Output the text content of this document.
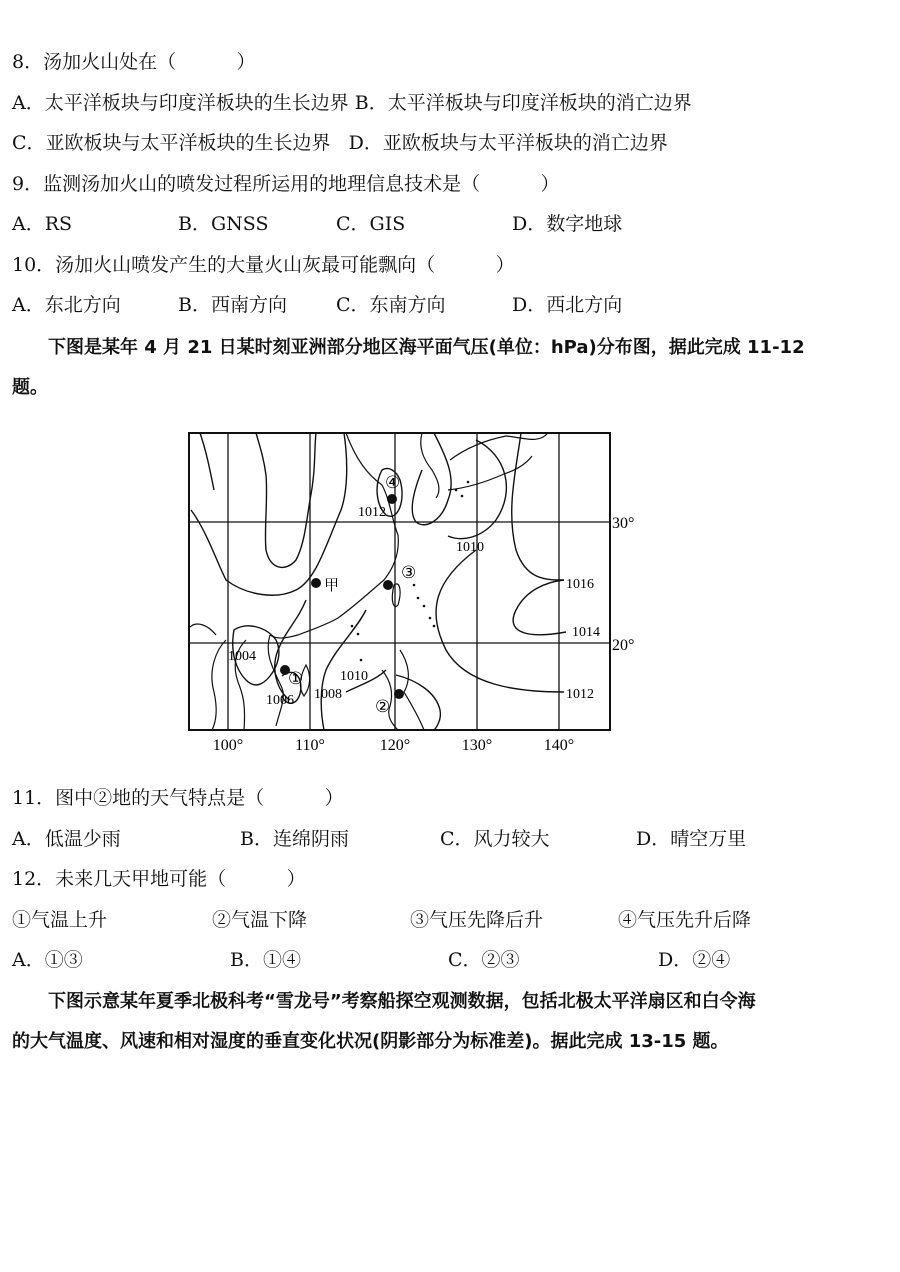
8．汤加火山处在（          ）
A．太平洋板块与印度洋板块的生长边界 B．太平洋板块与印度洋板块的消亡边界
C．亚欧板块与太平洋板块的生长边界 D．亚欧板块与太平洋板块的消亡边界
9．监测汤加火山的喷发过程所运用的地理信息技术是（          ）
A．RS	B．GNSS	C．GIS	D．数字地球
10．汤加火山喷发产生的大量火山灰最可能飘向（          ）
A．东北方向	B．西南方向	C．东南方向	D．西北方向
下图是某年 4 月 21 日某时刻亚洲部分地区海平面气压(单位：hPa)分布图，据此完成 11-12
题。
④
③
甲
①
②
1012
1010
1016
1014
1012
1010
1008
1006
1004
30°
20°
100°	110°	120°	130°	140°
11．图中②地的天气特点是（          ）
A．低温少雨	B．连绵阴雨	C．风力较大	D．晴空万里
12．未来几天甲地可能（          ）
①气温上升	②气温下降	③气压先降后升	④气压先升后降
A．①③	B．①④	C．②③	D．②④
下图示意某年夏季北极科考“雪龙号”考察船探空观测数据，包括北极太平洋扇区和白令海
的大气温度、风速和相对湿度的垂直变化状况(阴影部分为标准差)。据此完成 13-15 题。
